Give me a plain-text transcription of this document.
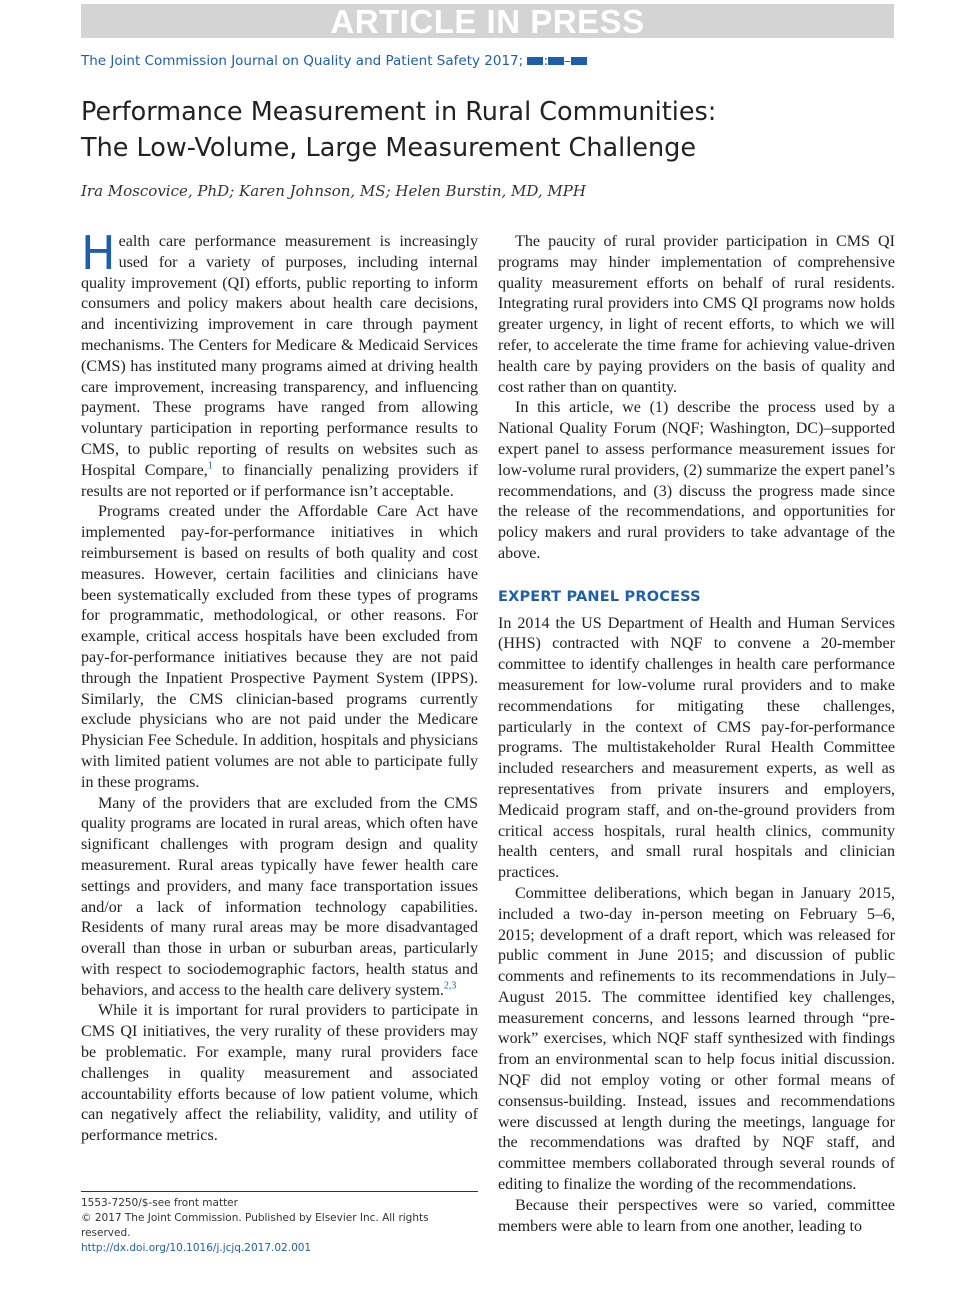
ARTICLE IN PRESS
The Joint Commission Journal on Quality and Patient Safety 2017; : –
Performance Measurement in Rural Communities:
The Low-Volume, Large Measurement Challenge
Ira Moscovice, PhD; Karen Johnson, MS; Helen Burstin, MD, MPH

Health care performance measurement is increasingly used for a variety of purposes, including internal quality improvement (QI) efforts, public reporting to inform consumers and policy makers about health care decisions, and incentivizing improvement in care through payment mechanisms. The Centers for Medicare & Medicaid Services (CMS) has instituted many programs aimed at driving health care improvement, increasing transparency, and influencing payment. These programs have ranged from allowing voluntary participation in reporting performance results to CMS, to public reporting of results on websites such as Hospital Compare,$^1$ to financially penalizing providers if results are not reported or if performance isn’t acceptable.

Programs created under the Affordable Care Act have implemented pay-for-performance initiatives in which reimbursement is based on results of both quality and cost measures. However, certain facilities and clinicians have been systematically excluded from these types of programs for programmatic, methodological, or other reasons. For example, critical access hospitals have been excluded from pay-for-performance initiatives because they are not paid through the Inpatient Prospective Payment System (IPPS). Similarly, the CMS clinician-based programs currently exclude physicians who are not paid under the Medicare Physician Fee Schedule. In addition, hospitals and physicians with limited patient volumes are not able to participate fully in these programs.

Many of the providers that are excluded from the CMS quality programs are located in rural areas, which often have significant challenges with program design and quality measurement. Rural areas typically have fewer health care settings and providers, and many face transportation issues and/or a lack of information technology capabilities. Residents of many rural areas may be more disadvantaged overall than those in urban or suburban areas, particularly with respect to sociodemographic factors, health status and behaviors, and access to the health care delivery system.$^{2,3}$

While it is important for rural providers to participate in CMS QI initiatives, the very rurality of these providers may be problematic. For example, many rural providers face challenges in quality measurement and associated accountability efforts because of low patient volume, which can negatively affect the reliability, validity, and utility of performance metrics.

The paucity of rural provider participation in CMS QI programs may hinder implementation of comprehensive quality measurement efforts on behalf of rural residents. Integrating rural providers into CMS QI programs now holds greater urgency, in light of recent efforts, to which we will refer, to accelerate the time frame for achieving value-driven health care by paying providers on the basis of quality and cost rather than on quantity.

In this article, we (1) describe the process used by a National Quality Forum (NQF; Washington, DC)–supported expert panel to assess performance measurement issues for low-volume rural providers, (2) summarize the expert panel’s recommendations, and (3) discuss the progress made since the release of the recommendations, and opportunities for policy makers and rural providers to take advantage of the above.

EXPERT PANEL PROCESS

In 2014 the US Department of Health and Human Services (HHS) contracted with NQF to convene a 20-member committee to identify challenges in health care performance measurement for low-volume rural providers and to make recommendations for mitigating these challenges, particularly in the context of CMS pay-for-performance programs. The multistakeholder Rural Health Committee included researchers and measurement experts, as well as representatives from private insurers and employers, Medicaid program staff, and on-the-ground providers from critical access hospitals, rural health clinics, community health centers, and small rural hospitals and clinician practices.

Committee deliberations, which began in January 2015, included a two-day in-person meeting on February 5–6, 2015; development of a draft report, which was released for public comment in June 2015; and discussion of public comments and refinements to its recommendations in July–August 2015. The committee identified key challenges, measurement concerns, and lessons learned through “pre-work” exercises, which NQF staff synthesized with findings from an environmental scan to help focus initial discussion. NQF did not employ voting or other formal means of consensus-building. Instead, issues and recommendations were discussed at length during the meetings, language for the recommendations was drafted by NQF staff, and committee members collaborated through several rounds of editing to finalize the wording of the recommendations.

Because their perspectives were so varied, committee members were able to learn from one another, leading to

1553-7250/$-see front matter
© 2017 The Joint Commission. Published by Elsevier Inc. All rights reserved.
http://dx.doi.org/10.1016/j.jcjq.2017.02.001
